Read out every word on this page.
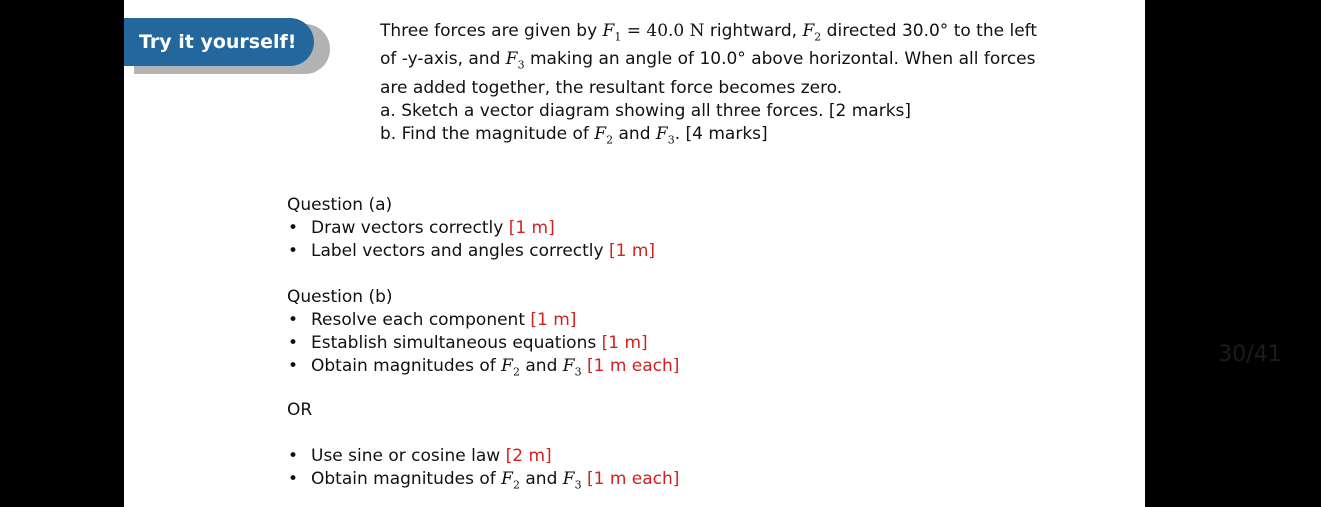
Try it yourself!	Three forces are given by $F_1 = 40.0$ N rightward, $F_2$ directed 30.0° to the left

of -y-axis, and $F_3$ making an angle of 10.0° above horizontal. When all forces

are added together, the resultant force becomes zero.

a. Sketch a vector diagram showing all three forces. [2 marks]
b. Find the magnitude of $F_2$ and $F_3$. [4 marks]

Question (a)

• Draw vectors correctly [1 m]
• Label vectors and angles correctly [1 m]

Question (b)

• Resolve each component [1 m]
• Establish simultaneous equations [1 m]
• Obtain magnitudes of $F_2$ and $F_3$ [1 m each]

OR

• Use sine or cosine law [2 m]
• Obtain magnitudes of $F_2$ and $F_3$ [1 m each]
30/41
